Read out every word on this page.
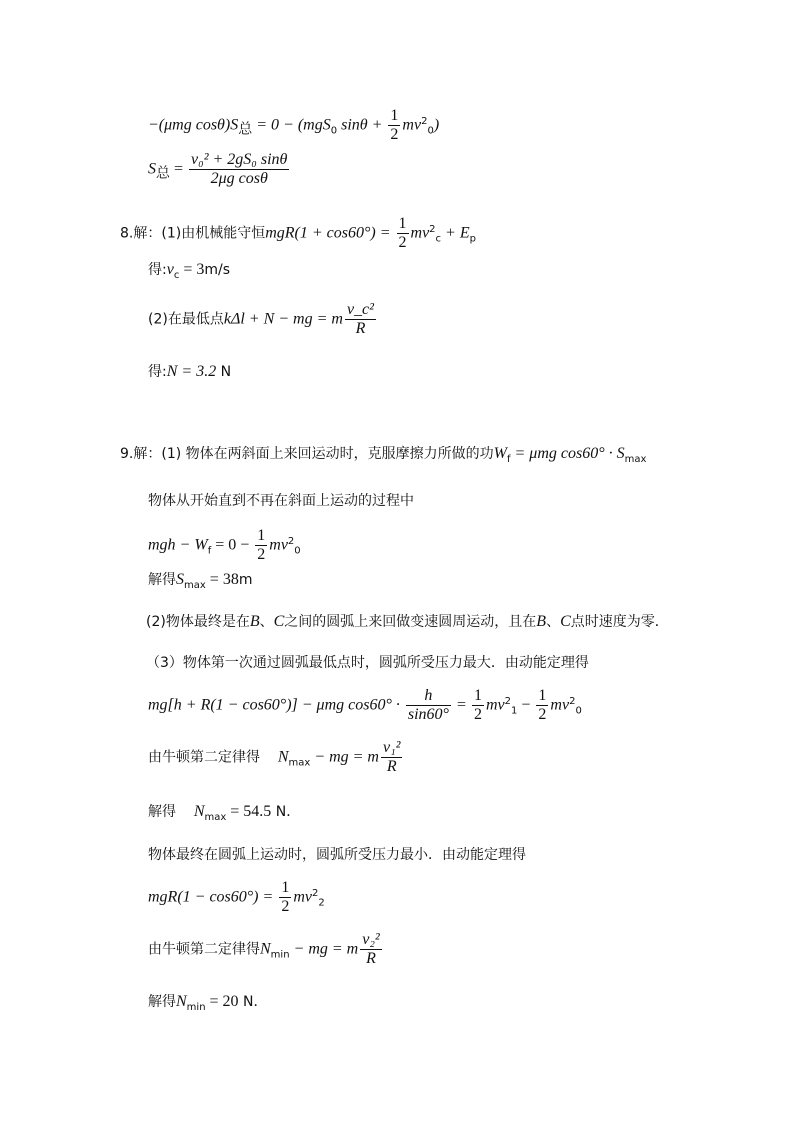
−(μmg $\cos\theta)S_总 = 0 - (mgS_0$ $\sin\theta + \frac{1}{2} mv^2_0$)
$S_总 = \frac{\text{v₀² + 2gS₀ sinθ}}{\text{2μg cosθ}}$
8.解：(1)由机械能守恒$mgR(1 + \cos 60^\circ) = \frac{1}{2} mv^2_c + E_p$
得$:v_c = 3m/s$
(2)在最低点kΔl + N − mg = m $\frac{\text{v\_c²}}{R}$
得:N = 3.2 N
9.解：(1) 物体在两斜面上来回运动时，克服摩擦力所做的功$W_f = \mu mg$ $\cos 60^\circ \cdot S_{max}$
物体从开始直到不再在斜面上运动的过程中
mgh − $W_f = 0 - \frac{1}{2} mv^2_0$
解得$S_{max} = 38m$
(2)物体最终是在B、C之间的圆弧上来回做变速圆周运动，且在B、C点时速度为零．
（3）物体第一次通过圆弧最低点时，圆弧所受压力最大．由动能定理得
mg[h + R(1 − cos60°)] − μmg $\cos 60^\circ \cdot \frac{h}{\sin 60^\circ} = \frac{1}{2} mv^2_1 - \frac{1}{2} mv^2_0$
由牛顿第二定律得 $N_{max}$ − mg = m $\frac{\text{v₁²}}{R}$
解得 $N_{max} = 54.5$ N．
物体最终在圆弧上运动时，圆弧所受压力最小．由动能定理得
$mgR(1 - \cos 60^\circ) = \frac{1}{2} mv^2_2$
由牛顿第二定律得$N_{min}$ − mg = m $\frac{\text{v₂²}}{R}$
解得$N_{min} = 20$ N．
